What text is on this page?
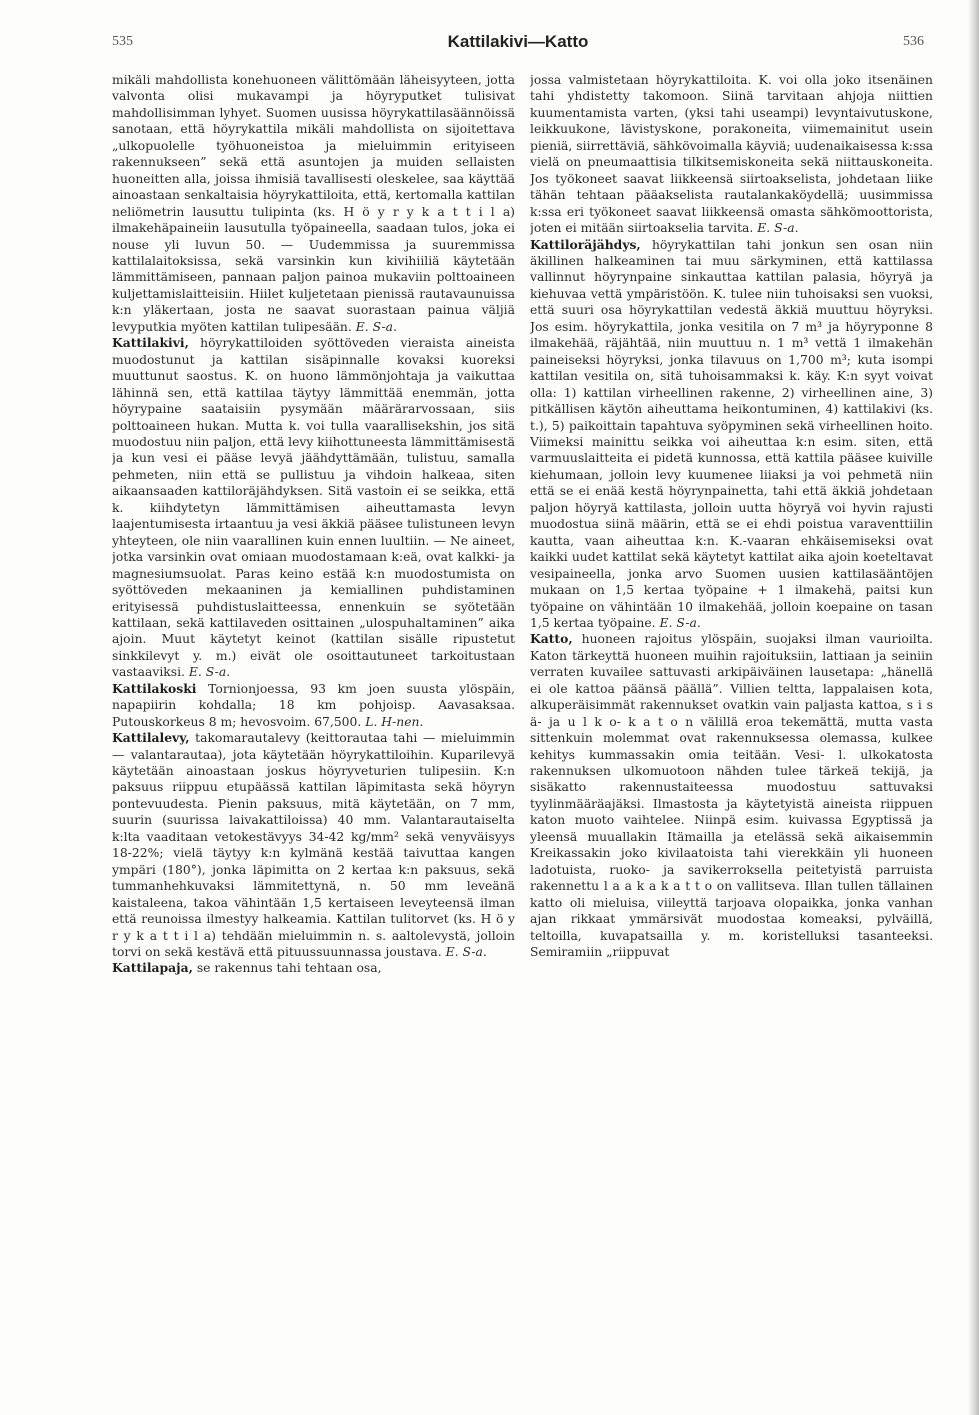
535	Kattilakivi—Katto	536

mikäli mahdollista konehuoneen välittömään läheisyyteen, jotta valvonta olisi mukavampi ja höyryputket tulisivat mahdollisimman lyhyet. Suomen uusissa höyrykattilasäännöissä sanotaan, että höyrykattila mikäli mahdollista on sijoitettava „ulkopuolelle työhuoneistoa ja mieluimmin erityiseen rakennukseen” sekä että asuntojen ja muiden sellaisten huoneitten alla, joissa ihmisiä tavallisesti oleskelee, saa käyttää ainoastaan senkaltaisia höyrykattiloita, että, kertomalla kattilan neliömetrin lausuttu tulipinta (ks. H ö y r y k a t t i l a) ilmakehäpaineiin lausutulla työpaineella, saadaan tulos, joka ei nouse yli luvun 50. — Uudemmissa ja suuremmissa kattilalaitoksissa, sekä varsinkin kun kivihiiliä käytetään lämmittämiseen, pannaan paljon painoa mukaviin polttoaineen kuljettamislaitteisiin. Hiilet kuljetetaan pienissä rautavaunuissa k:n yläkertaan, josta ne saavat suorastaan painua väljiä levyputkia myöten kattilan tulipesään. E. S-a.

Kattilakivi, höyrykattiloiden syöttöveden vieraista aineista muodostunut ja kattilan sisäpinnalle kovaksi kuoreksi muuttunut saostus. K. on huono lämmönjohtaja ja vaikuttaa lähinnä sen, että kattilaa täytyy lämmittää enemmän, jotta höyrypaine saataisiin pysymään määrärarvossaan, siis polttoaineen hukan. Mutta k. voi tulla vaarallisekshin, jos sitä muodostuu niin paljon, että levy kiihottuneesta lämmittämisestä ja kun vesi ei pääse levyä jäähdyttämään, tulistuu, samalla pehmeten, niin että se pullistuu ja vihdoin halkeaa, siten aikaansaaden kattiloräjähdyksen. Sitä vastoin ei se seikka, että k. kiihdytetyn lämmittämisen aiheuttamasta levyn laajentumisesta irtaantuu ja vesi äkkiä pääsee tulistuneen levyn yhteyteen, ole niin vaarallinen kuin ennen luultiin. — Ne aineet, jotka varsinkin ovat omiaan muodostamaan k:eä, ovat kalkki- ja magnesiumsuolat. Paras keino estää k:n muodostumista on syöttöveden mekaaninen ja kemiallinen puhdistaminen erityisessä puhdistuslaitteessa, ennenkuin se syötetään kattilaan, sekä kattilaveden osittainen „ulospuhaltaminen” aika ajoin. Muut käytetyt keinot (kattilan sisälle ripustetut sinkkilevyt y. m.) eivät ole osoittautuneet tarkoitustaan vastaaviksi. E. S-a.

Kattilakoski Tornionjoessa, 93 km joen suusta ylöspäin, napapiirin kohdalla; 18 km pohjoisp. Aavasaksaa. Putouskorkeus 8 m; hevosvoim. 67,500. L. H-nen.

Kattilalevy, takomarautalevy (keittorautaa tahi — mieluimmin — valantarautaa), jota käytetään höyrykattiloihin. Kuparilevyä käytetään ainoastaan joskus höyryveturien tulipesiin. K:n paksuus riippuu etupäässä kattilan läpimitasta sekä höyryn pontevuudesta. Pienin paksuus, mitä käytetään, on 7 mm, suurin (suurissa laivakattiloissa) 40 mm. Valantarautaiselta k:lta vaaditaan vetokestävyys 34-42 kg/mm² sekä venyväisyys 18-22%; vielä täytyy k:n kylmänä kestää taivuttaa kangen ympäri (180°), jonka läpimitta on 2 kertaa k:n paksuus, sekä tummanhehkuvaksi lämmitettynä, n. 50 mm leveänä kaistaleena, takoa vähintään 1,5 kertaiseen leveyteensä ilman että reunoissa ilmestyy halkeamia. Kattilan tulitorvet (ks. H ö y r y k a t t i l a) tehdään mieluimmin n. s. aaltolevystä, jolloin torvi on sekä kestävä että pituussuunnassa joustava. E. S-a.

Kattilapaja, se rakennus tahi tehtaan osa,

jossa valmistetaan höyrykattiloita. K. voi olla joko itsenäinen tahi yhdistetty takomoon. Siinä tarvitaan ahjoja niittien kuumentamista varten, (yksi tahi useampi) levyntaivutuskone, leikkuukone, lävistyskone, porakoneita, viimemainitut usein pieniä, siirrettäviä, sähkövoimalla käyviä; uudenaikaisessa k:ssa vielä on pneumaattisia tilkitsemiskoneita sekä niittauskoneita. Jos työkoneet saavat liikkeensä siirtoakselista, johdetaan liike tähän tehtaan pääakselista rautalankaköydellä; uusimmissa k:ssa eri työkoneet saavat liikkeensä omasta sähkömoottorista, joten ei mitään siirtoakselia tarvita. E. S-a.

Kattiloräjähdys, höyrykattilan tahi jonkun sen osan niin äkillinen halkeaminen tai muu särkyminen, että kattilassa vallinnut höyrynpaine sinkauttaa kattilan palasia, höyryä ja kiehuvaa vettä ympäristöön. K. tulee niin tuhoisaksi sen vuoksi, että suuri osa höyrykattilan vedestä äkkiä muuttuu höyryksi. Jos esim. höyrykattila, jonka vesitila on 7 m³ ja höyryponne 8 ilmakehää, räjähtää, niin muuttuu n. 1 m³ vettä 1 ilmakehän paineiseksi höyryksi, jonka tilavuus on 1,700 m³; kuta isompi kattilan vesitila on, sitä tuhoisammaksi k. käy. K:n syyt voivat olla: 1) kattilan virheellinen rakenne, 2) virheellinen aine, 3) pitkällisen käytön aiheuttama heikontuminen, 4) kattilakivi (ks. t.), 5) paikoittain tapahtuva syöpyminen sekä virheellinen hoito. Viimeksi mainittu seikka voi aiheuttaa k:n esim. siten, että varmuuslaitteita ei pidetä kunnossa, että kattila pääsee kuiville kiehumaan, jolloin levy kuumenee liiaksi ja voi pehmetä niin että se ei enää kestä höyrynpainetta, tahi että äkkiä johdetaan paljon höyryä kattilasta, jolloin uutta höyryä voi hyvin rajusti muodostua siinä määrin, että se ei ehdi poistua varaventtiilin kautta, vaan aiheuttaa k:n. K.-vaaran ehkäisemiseksi ovat kaikki uudet kattilat sekä käytetyt kattilat aika ajoin koeteltavat vesipaineella, jonka arvo Suomen uusien kattilasääntöjen mukaan on 1,5 kertaa työpaine + 1 ilmakehä, paitsi kun työpaine on vähintään 10 ilmakehää, jolloin koepaine on tasan 1,5 kertaa työpaine. E. S-a.

Katto, huoneen rajoitus ylöspäin, suojaksi ilman vaurioilta. Katon tärkeyttä huoneen muihin rajoituksiin, lattiaan ja seiniin verraten kuvailee sattuvasti arkipäiväinen lausetapa: „hänellä ei ole kattoa päänsä päällä”. Villien teltta, lappalaisen kota, alkuperäisimmät rakennukset ovatkin vain paljasta kattoa, s i s ä- ja u l k o- k a t o n välillä eroa tekemättä, mutta vasta sittenkuin molemmat ovat rakennuksessa olemassa, kulkee kehitys kummassakin omia teitään. Vesi- l. ulkokatosta rakennuksen ulkomuotoon nähden tulee tärkeä tekijä, ja sisäkatto rakennustaiteessa muodostuu sattuvaksi tyylinmääräajäksi. Ilmastosta ja käytetyistä aineista riippuen katon muoto vaihtelee. Niinpä esim. kuivassa Egyptissä ja yleensä muuallakin Itämailla ja etelässä sekä aikaisemmin Kreikassakin joko kivilaatoista tahi vierekkäin yli huoneen ladotuista, ruoko- ja savikerroksella peitetyistä parruista rakennettu l a a k a k a t t o on vallitseva. Illan tullen tällainen katto oli mieluisa, viileyttä tarjoava olopaikka, jonka vanhan ajan rikkaat ymmärsivät muodostaa komeaksi, pylväillä, teltoilla, kuvapatsailla y. m. koristelluksi tasanteeksi. Semiramiin „riippuvat
